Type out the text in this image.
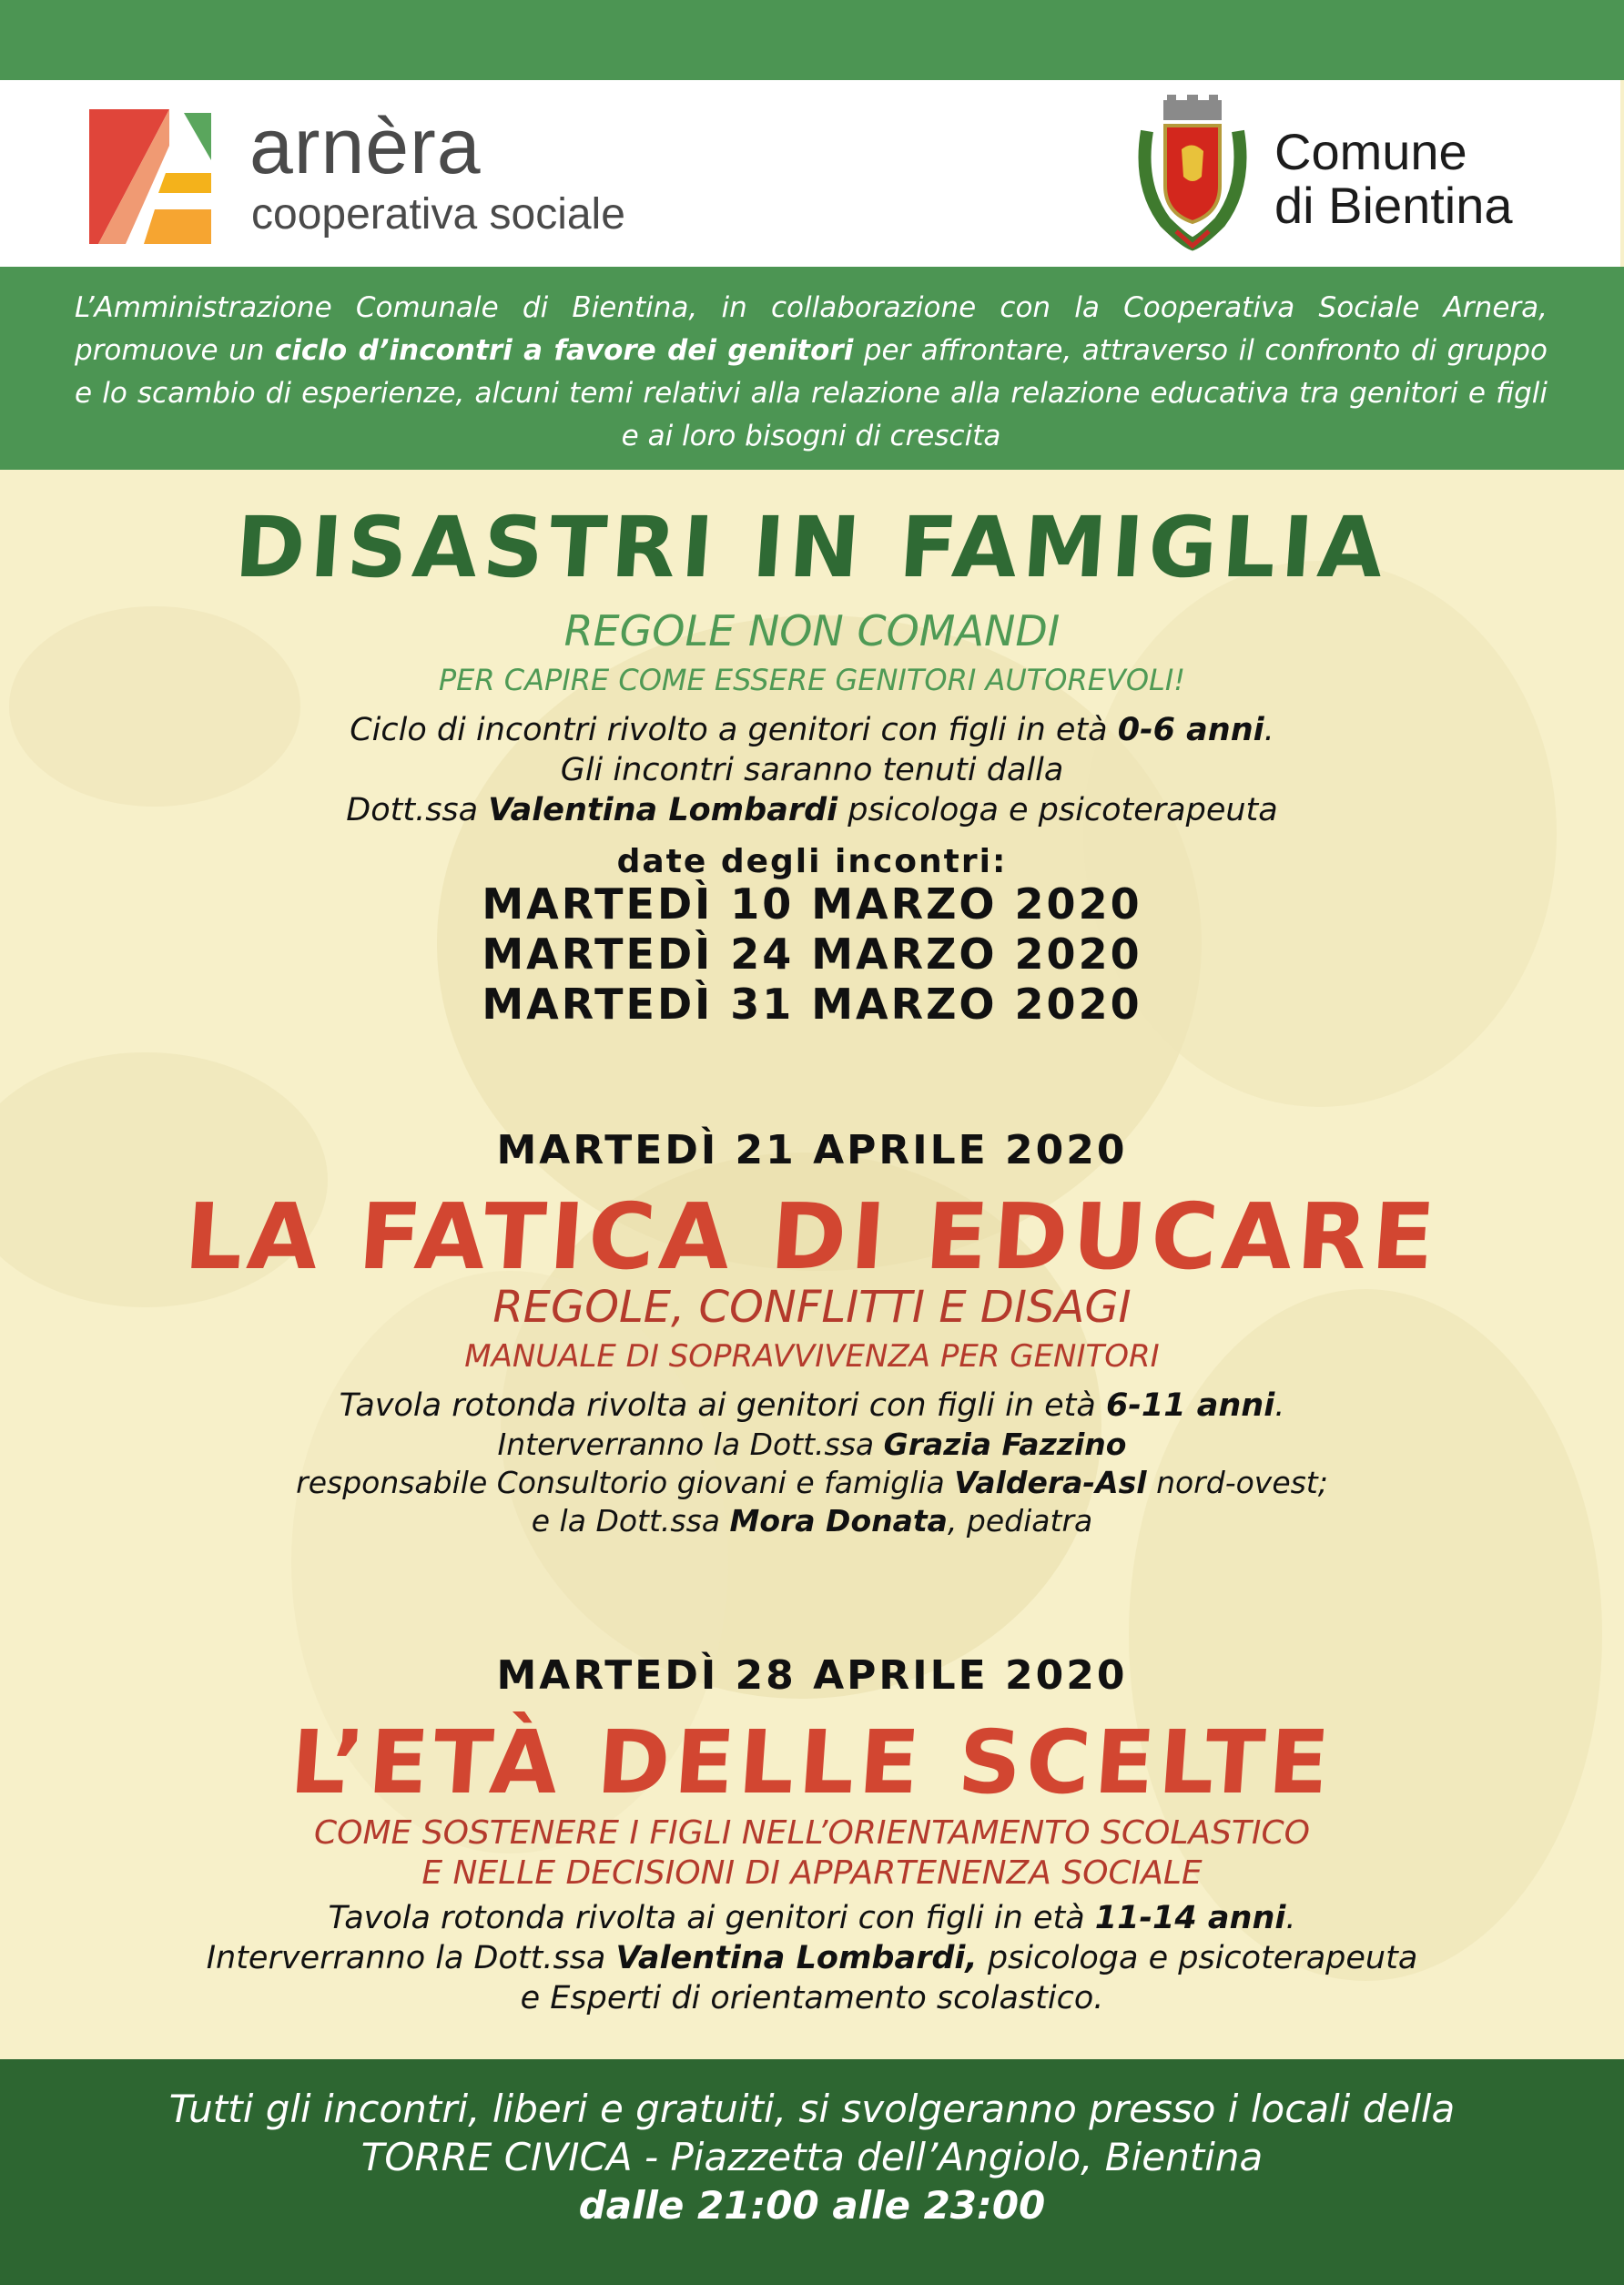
arnèra
cooperativa sociale
Comune
di Bientina
L’Amministrazione Comunale di Bientina, in collaborazione con la Cooperativa Sociale Arnera, promuove un ciclo d’incontri a favore dei genitori per affrontare, attraverso il confronto di gruppo e lo scambio di esperienze, alcuni temi relativi alla relazione alla relazione educativa tra genitori e figli e ai loro bisogni di crescita
DISASTRI IN FAMIGLIA
REGOLE NON COMANDI
PER CAPIRE COME ESSERE GENITORI AUTOREVOLI!
Ciclo di incontri rivolto a genitori con figli in età 0-6 anni.
Gli incontri saranno tenuti dalla
Dott.ssa Valentina Lombardi psicologa e psicoterapeuta
date degli incontri:
MARTEDÌ 10 MARZO 2020
MARTEDÌ 24 MARZO 2020
MARTEDÌ 31 MARZO 2020
MARTEDÌ 21 APRILE 2020
LA FATICA DI EDUCARE
REGOLE, CONFLITTI E DISAGI
MANUALE DI SOPRAVVIVENZA PER GENITORI
Tavola rotonda rivolta ai genitori con figli in età 6-11 anni.
Interverranno la Dott.ssa Grazia Fazzino
responsabile Consultorio giovani e famiglia Valdera-Asl nord-ovest;
e la Dott.ssa Mora Donata, pediatra
MARTEDÌ 28 APRILE 2020
L’ETÀ DELLE SCELTE
COME SOSTENERE I FIGLI NELL’ORIENTAMENTO SCOLASTICO
E NELLE DECISIONI DI APPARTENENZA SOCIALE
Tavola rotonda rivolta ai genitori con figli in età 11-14 anni.
Interverranno la Dott.ssa Valentina Lombardi, psicologa e psicoterapeuta
e Esperti di orientamento scolastico.
Tutti gli incontri, liberi e gratuiti, si svolgeranno presso i locali della
TORRE CIVICA - Piazzetta dell’Angiolo, Bientina
dalle 21:00 alle 23:00
